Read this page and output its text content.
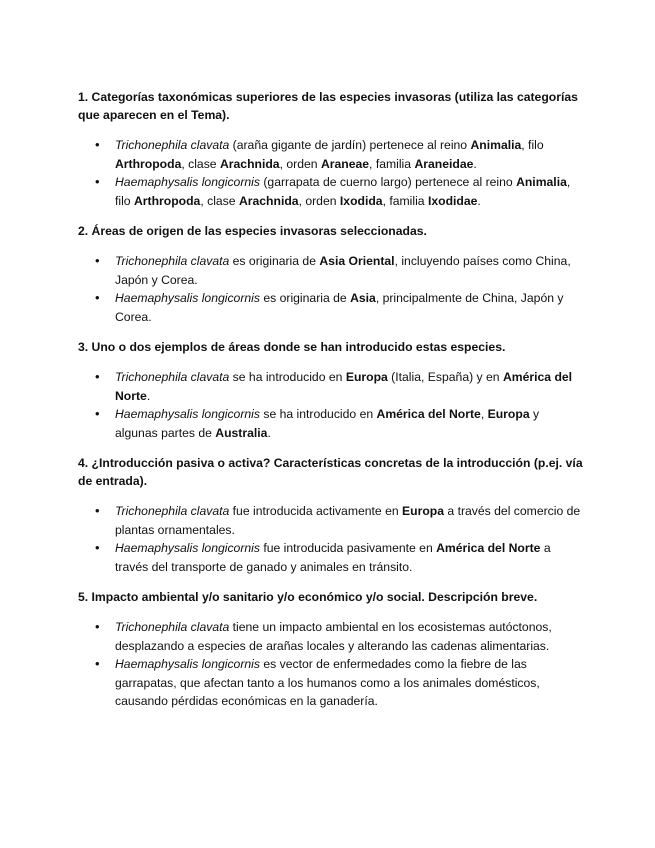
1. Categorías taxonómicas superiores de las especies invasoras (utiliza las categorías que aparecen en el Tema).
• Trichonephila clavata (araña gigante de jardín) pertenece al reino Animalia, filo Arthropoda, clase Arachnida, orden Araneae, familia Araneidae.
• Haemaphysalis longicornis (garrapata de cuerno largo) pertenece al reino Animalia, filo Arthropoda, clase Arachnida, orden Ixodida, familia Ixodidae.
2. Áreas de origen de las especies invasoras seleccionadas.
• Trichonephila clavata es originaria de Asia Oriental, incluyendo países como China, Japón y Corea.
• Haemaphysalis longicornis es originaria de Asia, principalmente de China, Japón y Corea.
3. Uno o dos ejemplos de áreas donde se han introducido estas especies.
• Trichonephila clavata se ha introducido en Europa (Italia, España) y en América del Norte.
• Haemaphysalis longicornis se ha introducido en América del Norte, Europa y algunas partes de Australia.
4. ¿Introducción pasiva o activa? Características concretas de la introducción (p.ej. vía de entrada).
• Trichonephila clavata fue introducida activamente en Europa a través del comercio de plantas ornamentales.
• Haemaphysalis longicornis fue introducida pasivamente en América del Norte a través del transporte de ganado y animales en tránsito.
5. Impacto ambiental y/o sanitario y/o económico y/o social. Descripción breve.
• Trichonephila clavata tiene un impacto ambiental en los ecosistemas autóctonos, desplazando a especies de arañas locales y alterando las cadenas alimentarias.
• Haemaphysalis longicornis es vector de enfermedades como la fiebre de las garrapatas, que afectan tanto a los humanos como a los animales domésticos, causando pérdidas económicas en la ganadería.
